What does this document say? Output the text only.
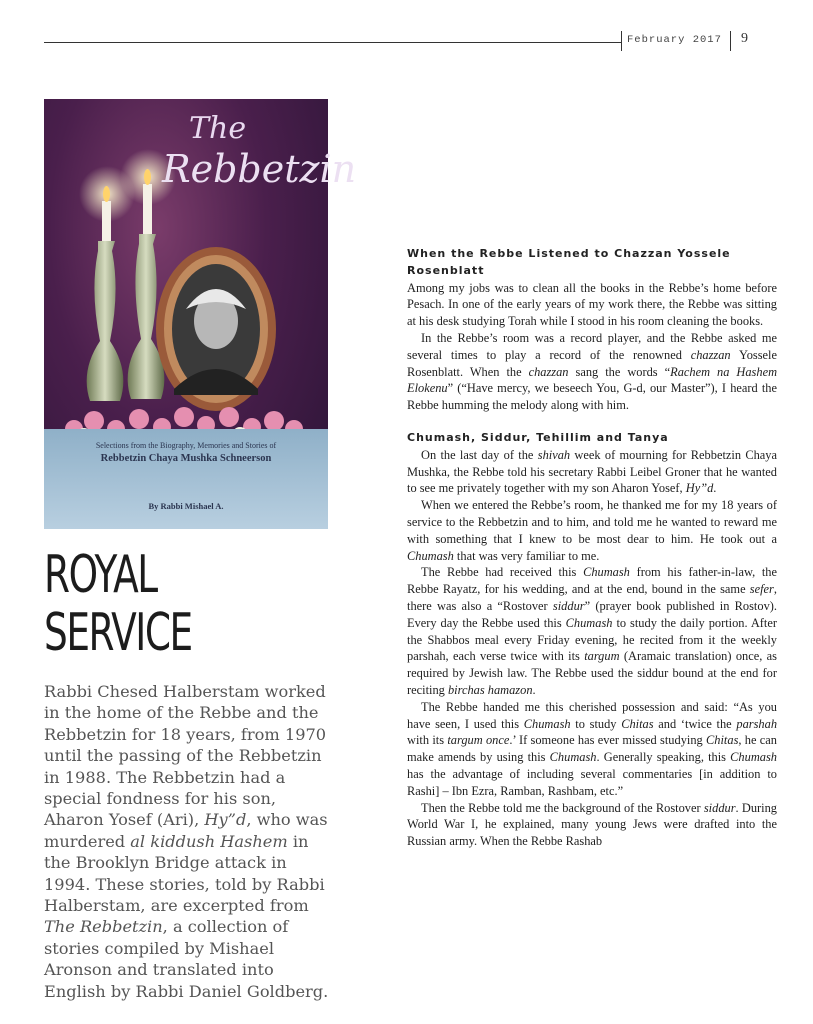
February 2017 9
The
Rebbetzin
Selections from the Biography, Memories and Stories of
Rebbetzin Chaya Mushka Schneerson
By Rabbi Mishael A.
ROYAL
SERVICE

Rabbi Chesed Halberstam worked in the home of the Rebbe and the Rebbetzin for 18 years, from 1970 until the passing of the Rebbetzin in 1988. The Rebbetzin had a special fondness for his son, Aharon Yosef (Ari), Hy”d, who was murdered al kiddush Hashem in the Brooklyn Bridge attack in 1994. These stories, told by Rabbi Halberstam, are excerpted from The Rebbetzin, a collection of stories compiled by Mishael Aronson and translated into English by Rabbi Daniel Goldberg.

When the Rebbe Listened to Chazzan Yossele Rosenblatt

Among my jobs was to clean all the books in the Rebbe’s home before Pesach. In one of the early years of my work there, the Rebbe was sitting at his desk studying Torah while I stood in his room cleaning the books.

In the Rebbe’s room was a record player, and the Rebbe asked me several times to play a record of the renowned chazzan Yossele Rosenblatt. When the chazzan sang the words “Rachem na Hashem Elokenu” (“Have mercy, we beseech You, G-d, our Master”), I heard the Rebbe humming the melody along with him.

Chumash, Siddur, Tehillim and Tanya

On the last day of the shivah week of mourning for Rebbetzin Chaya Mushka, the Rebbe told his secretary Rabbi Leibel Groner that he wanted to see me privately together with my son Aharon Yosef, Hy”d.

When we entered the Rebbe’s room, he thanked me for my 18 years of service to the Rebbetzin and to him, and told me he wanted to reward me with something that I knew to be most dear to him. He took out a Chumash that was very familiar to me.

The Rebbe had received this Chumash from his father-in-law, the Rebbe Rayatz, for his wedding, and at the end, bound in the same sefer, there was also a “Rostover siddur” (prayer book published in Rostov). Every day the Rebbe used this Chumash to study the daily portion. After the Shabbos meal every Friday evening, he recited from it the weekly parshah, each verse twice with its targum (Aramaic translation) once, as required by Jewish law. The Rebbe used the siddur bound at the end for reciting birchas hamazon.

The Rebbe handed me this cherished possession and said: “As you have seen, I used this Chumash to study Chitas and ‘twice the parshah with its targum once.’ If someone has ever missed studying Chitas, he can make amends by using this Chumash. Generally speaking, this Chumash has the advantage of including several commentaries [in addition to Rashi] – Ibn Ezra, Ramban, Rashbam, etc.”

Then the Rebbe told me the background of the Rostover siddur. During World War I, he explained, many young Jews were drafted into the Russian army. When the Rebbe Rashab
